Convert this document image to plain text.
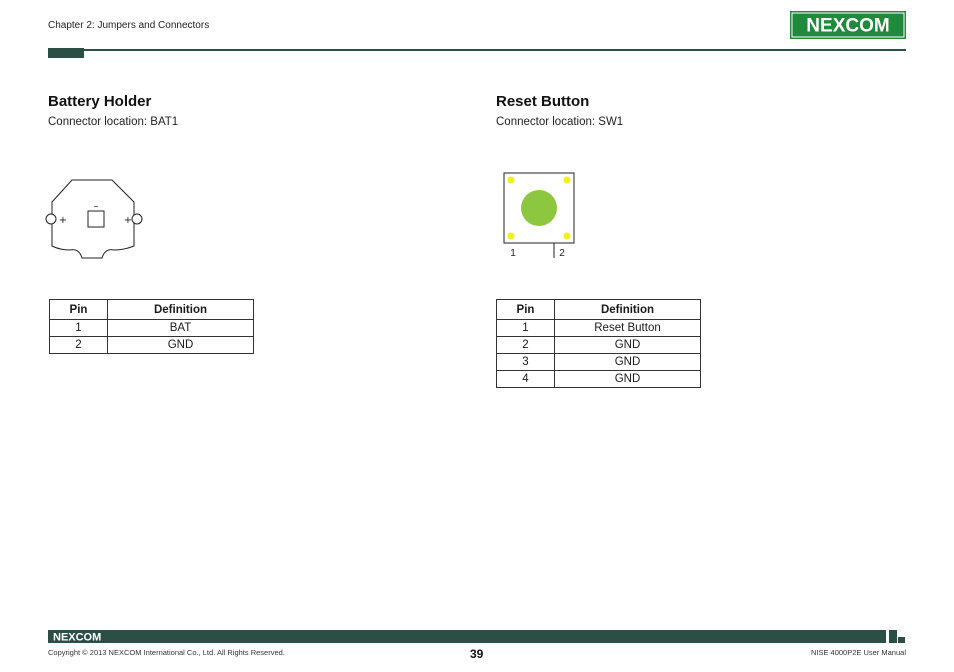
Chapter 2: Jumpers and Connectors	NEXCOM
Battery Holder
Connector location: BAT1
–
+	+
Pin	Definition
1	BAT
2	GND
Reset Button
Connector location: SW1
1	2
Pin	Definition
1	Reset Button
2	GND
3	GND
4	GND
NEXCOM
Copyright © 2013 NEXCOM International Co., Ltd. All Rights Reserved.	39	NISE 4000P2E User Manual
